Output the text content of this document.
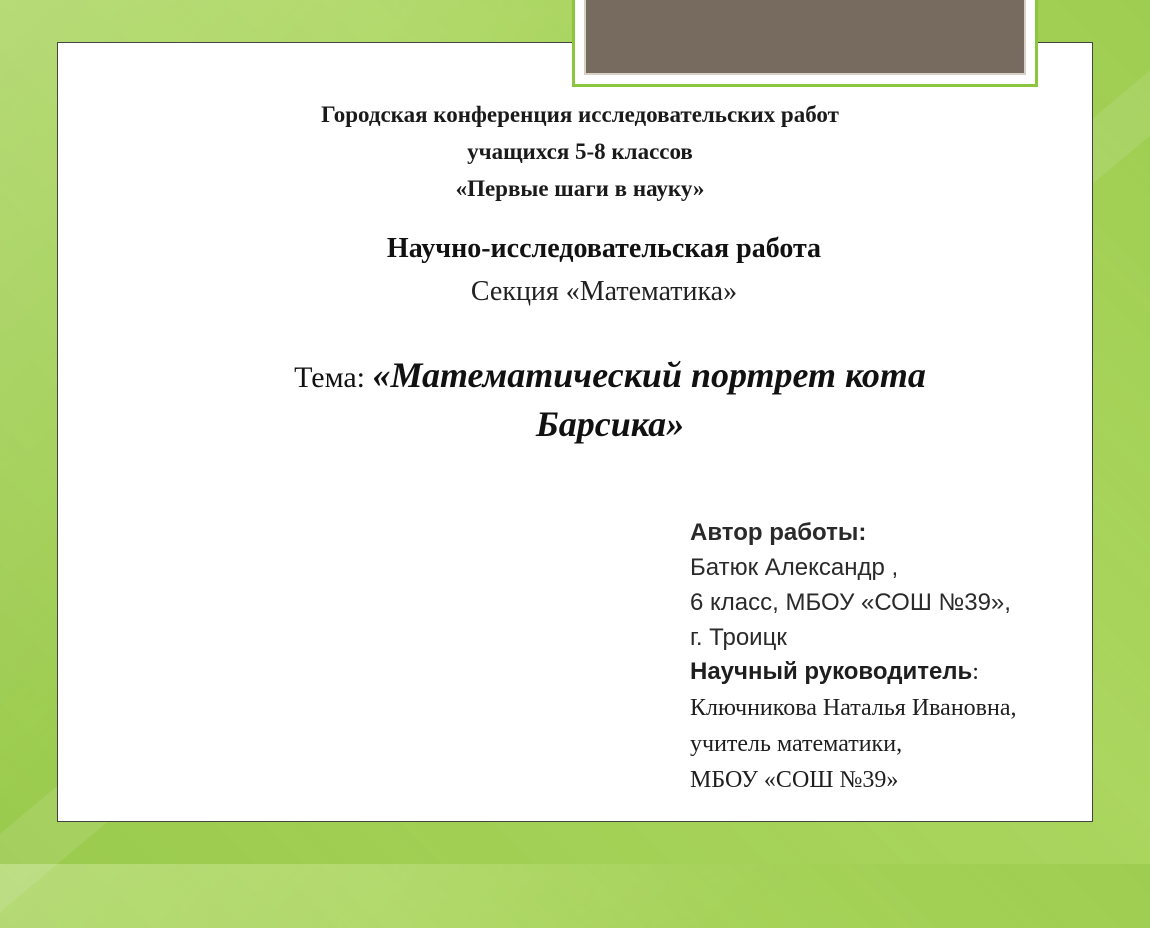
Городская конференция исследовательских работ
учащихся 5-8 классов
«Первые шаги в науку»
Научно-исследовательская работа
Секция «Математика»
Тема: «Математический портрет кота
Барсика»
Автор работы:
Батюк Александр ,
6 класс, МБОУ «СОШ №39»,
г. Троицк
Научный руководитель:
Ключникова Наталья Ивановна,
учитель математики,
МБОУ «СОШ №39»
